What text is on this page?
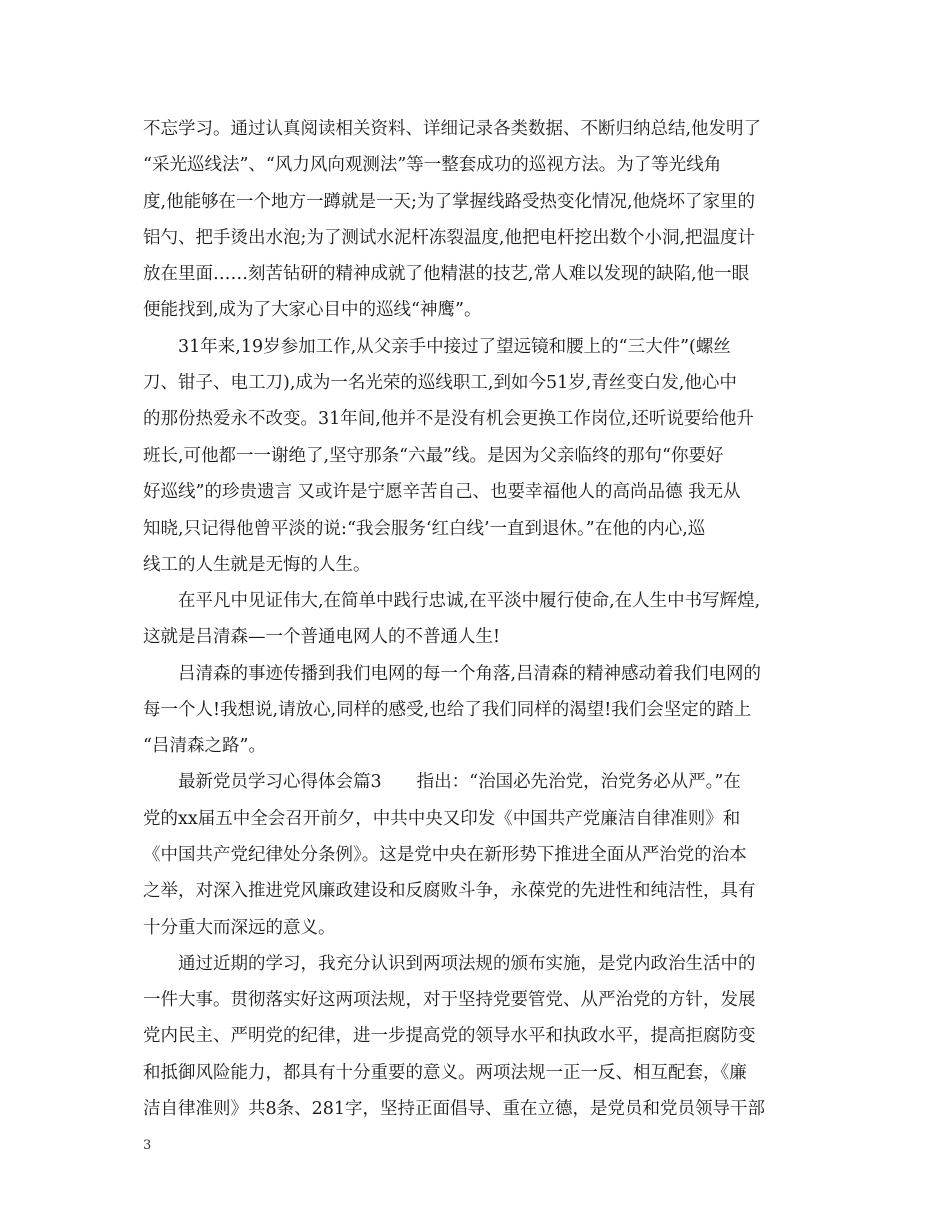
不忘学习。通过认真阅读相关资料、详细记录各类数据、不断归纳总结,他发明了
“采光巡线法”、“风力风向观测法”等一整套成功的巡视方法。为了等光线角
度,他能够在一个地方一蹲就是一天;为了掌握线路受热变化情况,他烧坏了家里的
铝勺、把手烫出水泡;为了测试水泥杆冻裂温度,他把电杆挖出数个小洞,把温度计
放在里面……刻苦钻研的精神成就了他精湛的技艺,常人难以发现的缺陷,他一眼
便能找到,成为了大家心目中的巡线“神鹰”。
31年来,19岁参加工作,从父亲手中接过了望远镜和腰上的“三大件”(螺丝
刀、钳子、电工刀),成为一名光荣的巡线职工,到如今51岁,青丝变白发,他心中
的那份热爱永不改变。31年间,他并不是没有机会更换工作岗位,还听说要给他升
班长,可他都一一谢绝了,坚守那条“六最”线。是因为父亲临终的那句“你要好
好巡线”的珍贵遗言 又或许是宁愿辛苦自己、也要幸福他人的高尚品德 我无从
知晓,只记得他曾平淡的说:“我会服务‘红白线’一直到退休。”在他的内心,巡
线工的人生就是无悔的人生。
在平凡中见证伟大,在简单中践行忠诚,在平淡中履行使命,在人生中书写辉煌,
这就是吕清森—一个普通电网人的不普通人生!
吕清森的事迹传播到我们电网的每一个角落,吕清森的精神感动着我们电网的
每一个人!我想说,请放心,同样的感受,也给了我们同样的渴望!我们会坚定的踏上
“吕清森之路”。
最新党员学习心得体会篇3　　指出：“治国必先治党，治党务必从严。”在
党的xx届五中全会召开前夕，中共中央又印发《中国共产党廉洁自律准则》和
《中国共产党纪律处分条例》。这是党中央在新形势下推进全面从严治党的治本
之举，对深入推进党风廉政建设和反腐败斗争，永葆党的先进性和纯洁性，具有
十分重大而深远的意义。
通过近期的学习，我充分认识到两项法规的颁布实施，是党内政治生活中的
一件大事。贯彻落实好这两项法规，对于坚持党要管党、从严治党的方针，发展
党内民主、严明党的纪律，进一步提高党的领导水平和执政水平，提高拒腐防变
和抵御风险能力，都具有十分重要的意义。两项法规一正一反、相互配套，《廉
洁自律准则》共8条、281字，坚持正面倡导、重在立德，是党员和党员领导干部
3
